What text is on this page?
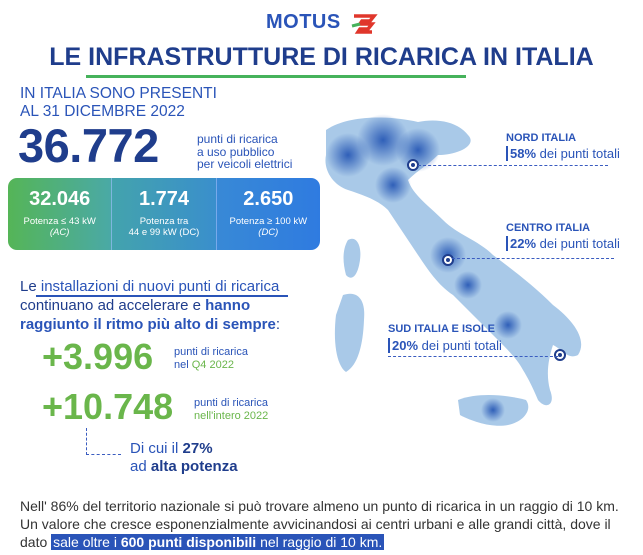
MOTUS
LE INFRASTRUTTURE DI RICARICA IN ITALIA
IN ITALIA SONO PRESENTI
AL 31 DICEMBRE 2022
36.772	punti di ricarica
a uso pubblico
per veicoli elettrici
32.046
Potenza ≤ 43 kW
(AC)
1.774
Potenza tra
44 e 99 kW (DC)
2.650
Potenza ≥ 100 kW
(DC)
Le installazioni di nuovi punti di ricarica
continuano ad accelerare e hanno
raggiunto il ritmo più alto di sempre:
+3.996 punti di ricarica
nel Q4 2022
+10.748 punti di ricarica
nell'intero 2022
Di cui il 27%
ad alta potenza
NORD ITALIA
58% dei punti totali
CENTRO ITALIA
22% dei punti totali
SUD ITALIA E ISOLE
20% dei punti totali
Nell' 86% del territorio nazionale si può trovare almeno un punto di ricarica in un raggio di 10 km. Un valore che cresce esponenzialmente avvicinandosi ai centri urbani e alle grandi città, dove il dato sale oltre i 600 punti disponibili nel raggio di 10 km.
